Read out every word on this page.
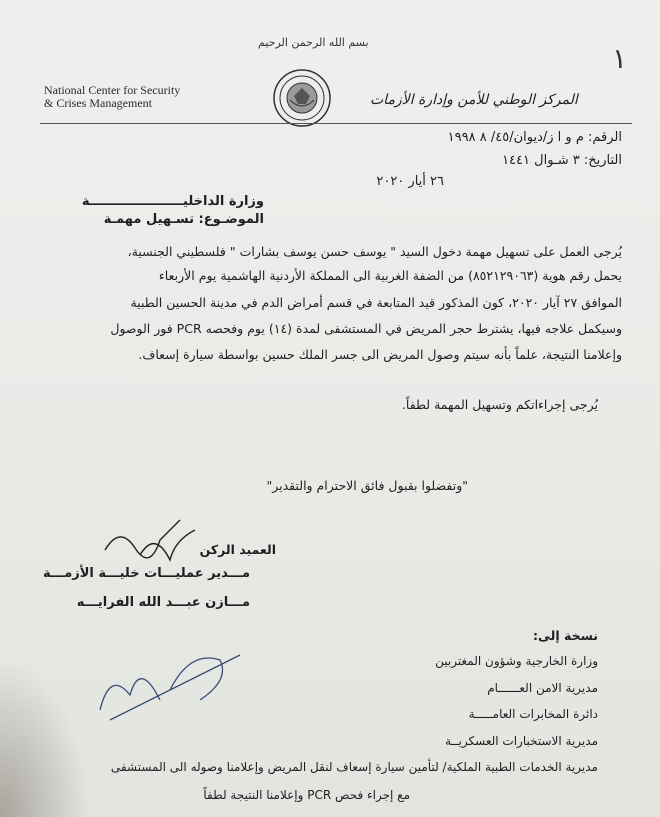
بسم الله الرحمن الرحيم	١
National Center for Security
& Crises Management	المركز الوطني للأمن وإدارة الأزمات
الرقم: م و ا ز/ديوان/٤٥/ ٨ ١٩٩٨
التاريخ: ٣ شـوال ١٤٤١
٢٦ أيار ٢٠٢٠
وزارة الداخليـــــــــــــــــــــة
الموضـوع: تسـهيل مهمـة
يُرجى العمل على تسهيل مهمة دخول السيد " يوسف حسن يوسف بشارات " فلسطيني الجنسية،
يحمل رقم هوية (٨٥٢١٢٩٠٦٣) من الضفة الغربية الى المملكة الأردنية الهاشمية يوم الأربعاء
الموافق ٢٧ آيار ٢٠٢٠، كون المذكور قيد المتابعة في قسم أمراض الدم في مدينة الحسين الطبية
وسيكمل علاجه فيها، يشترط حجر المريض في المستشفى لمدة (١٤) يوم وفحصه PCR فور الوصول
وإعلامنا النتيجة، علماً بأنه سيتم وصول المريض الى جسر الملك حسين بواسطة سيارة إسعاف.
يُرجى إجراءاتكم وتسهيل المهمة لطفاً.
"وتفضلوا بقبول فائق الاحترام والتقدير"
العميد الركن
مـــدير عمليـــات خليـــة الأزمـــة
مـــازن عبـــد الله الفرايـــه
نسخة إلى:
وزارة الخارجية وشؤون المغتربين
مديرية الامن العــــــام
دائرة المخابرات العامـــــة
مديرية الاستخبارات العسكريــة
مديرية الخدمات الطبية الملكية/ لتأمين سيارة إسعاف لنقل المريض وإعلامنا وصوله الى المستشفى
مع إجراء فحص PCR وإعلامنا النتيجة لطفاً
